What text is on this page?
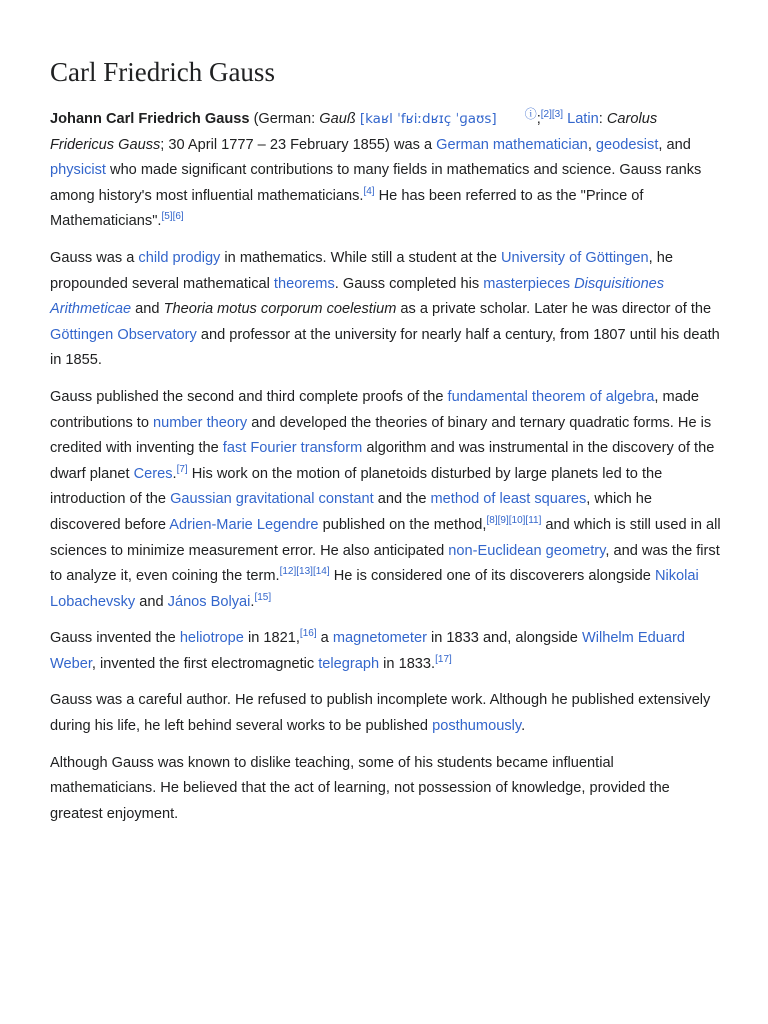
Carl Friedrich Gauss

Johann Carl Friedrich Gauss (German: Gauß [kaʁl ˈfʁiːdʁɪç ˈɡaʊs] ⓘ;[2][3] Latin: Carolus Fridericus Gauss; 30 April 1777 – 23 February 1855) was a German mathematician, geodesist, and physicist who made significant contributions to many fields in mathematics and science. Gauss ranks among history's most influential mathematicians.[4] He has been referred to as the "Prince of Mathematicians".[5][6]

Gauss was a child prodigy in mathematics. While still a student at the University of Göttingen, he propounded several mathematical theorems. Gauss completed his masterpieces Disquisitiones Arithmeticae and Theoria motus corporum coelestium as a private scholar. Later he was director of the Göttingen Observatory and professor at the university for nearly half a century, from 1807 until his death in 1855.

Gauss published the second and third complete proofs of the fundamental theorem of algebra, made contributions to number theory and developed the theories of binary and ternary quadratic forms. He is credited with inventing the fast Fourier transform algorithm and was instrumental in the discovery of the dwarf planet Ceres.[7] His work on the motion of planetoids disturbed by large planets led to the introduction of the Gaussian gravitational constant and the method of least squares, which he discovered before Adrien-Marie Legendre published on the method,[8][9][10][11] and which is still used in all sciences to minimize measurement error. He also anticipated non-Euclidean geometry, and was the first to analyze it, even coining the term.[12][13][14] He is considered one of its discoverers alongside Nikolai Lobachevsky and János Bolyai.[15]

Gauss invented the heliotrope in 1821,[16] a magnetometer in 1833 and, alongside Wilhelm Eduard Weber, invented the first electromagnetic telegraph in 1833.[17]

Gauss was a careful author. He refused to publish incomplete work. Although he published extensively during his life, he left behind several works to be published posthumously.

Although Gauss was known to dislike teaching, some of his students became influential mathematicians. He believed that the act of learning, not possession of knowledge, provided the greatest enjoyment.
